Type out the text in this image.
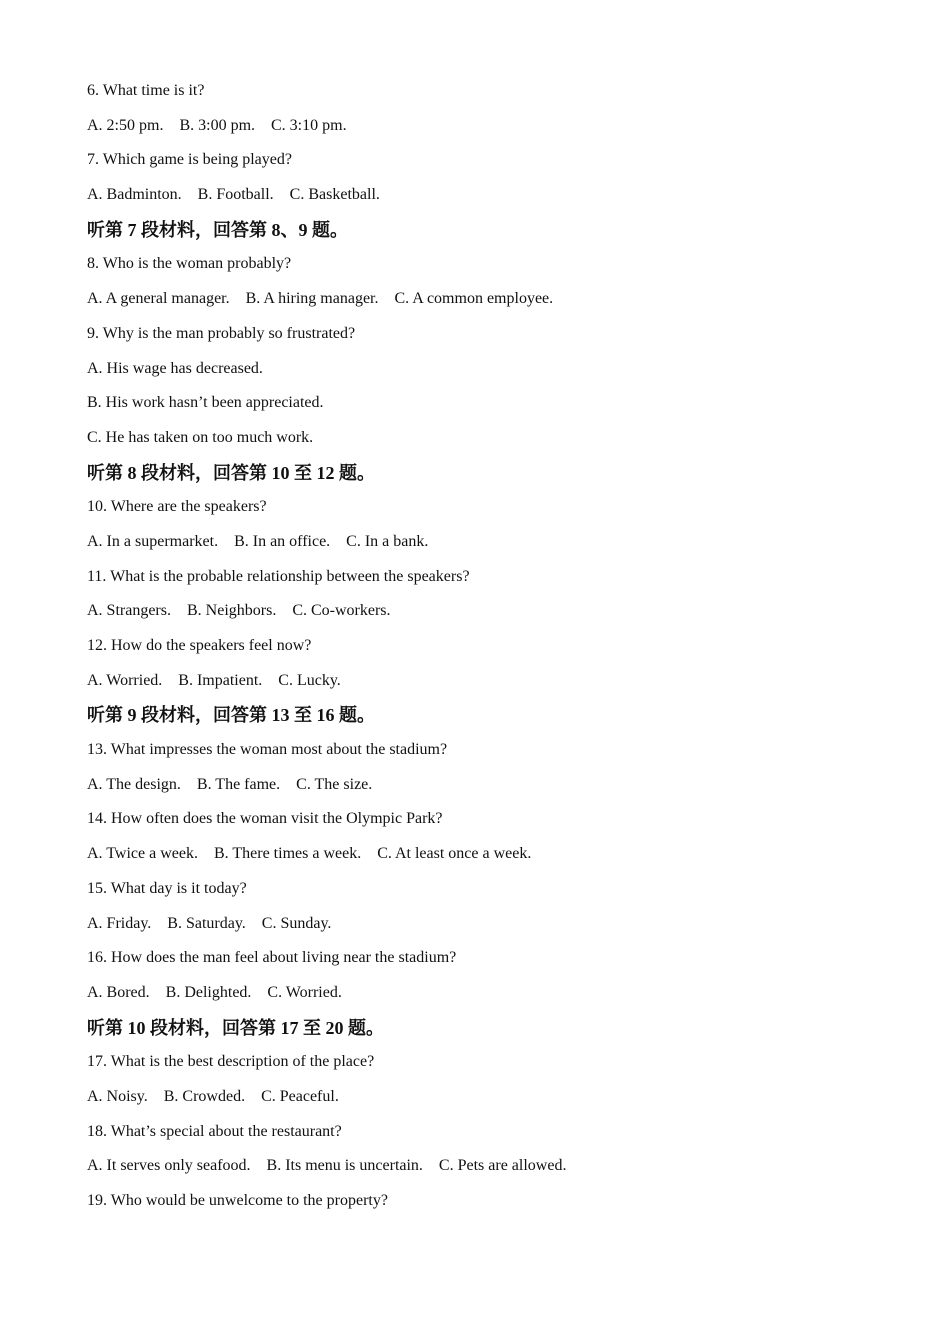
6. What time is it?
A. 2:50 pm.    B. 3:00 pm.    C. 3:10 pm.
7. Which game is being played?
A. Badminton.    B. Football.    C. Basketball.
听第 7 段材料，回答第 8、9 题。
8. Who is the woman probably?
A. A general manager.    B. A hiring manager.    C. A common employee.
9. Why is the man probably so frustrated?
A. His wage has decreased.
B. His work hasn’t been appreciated.
C. He has taken on too much work.
听第 8 段材料，回答第 10 至 12 题。
10. Where are the speakers?
A. In a supermarket.    B. In an office.    C. In a bank.
11. What is the probable relationship between the speakers?
A. Strangers.    B. Neighbors.    C. Co-workers.
12. How do the speakers feel now?
A. Worried.    B. Impatient.    C. Lucky.
听第 9 段材料，回答第 13 至 16 题。
13. What impresses the woman most about the stadium?
A. The design.    B. The fame.    C. The size.
14. How often does the woman visit the Olympic Park?
A. Twice a week.    B. There times a week.    C. At least once a week.
15. What day is it today?
A. Friday.    B. Saturday.    C. Sunday.
16. How does the man feel about living near the stadium?
A. Bored.    B. Delighted.    C. Worried.
听第 10 段材料，回答第 17 至 20 题。
17. What is the best description of the place?
A. Noisy.    B. Crowded.    C. Peaceful.
18. What’s special about the restaurant?
A. It serves only seafood.    B. Its menu is uncertain.    C. Pets are allowed.
19. Who would be unwelcome to the property?
